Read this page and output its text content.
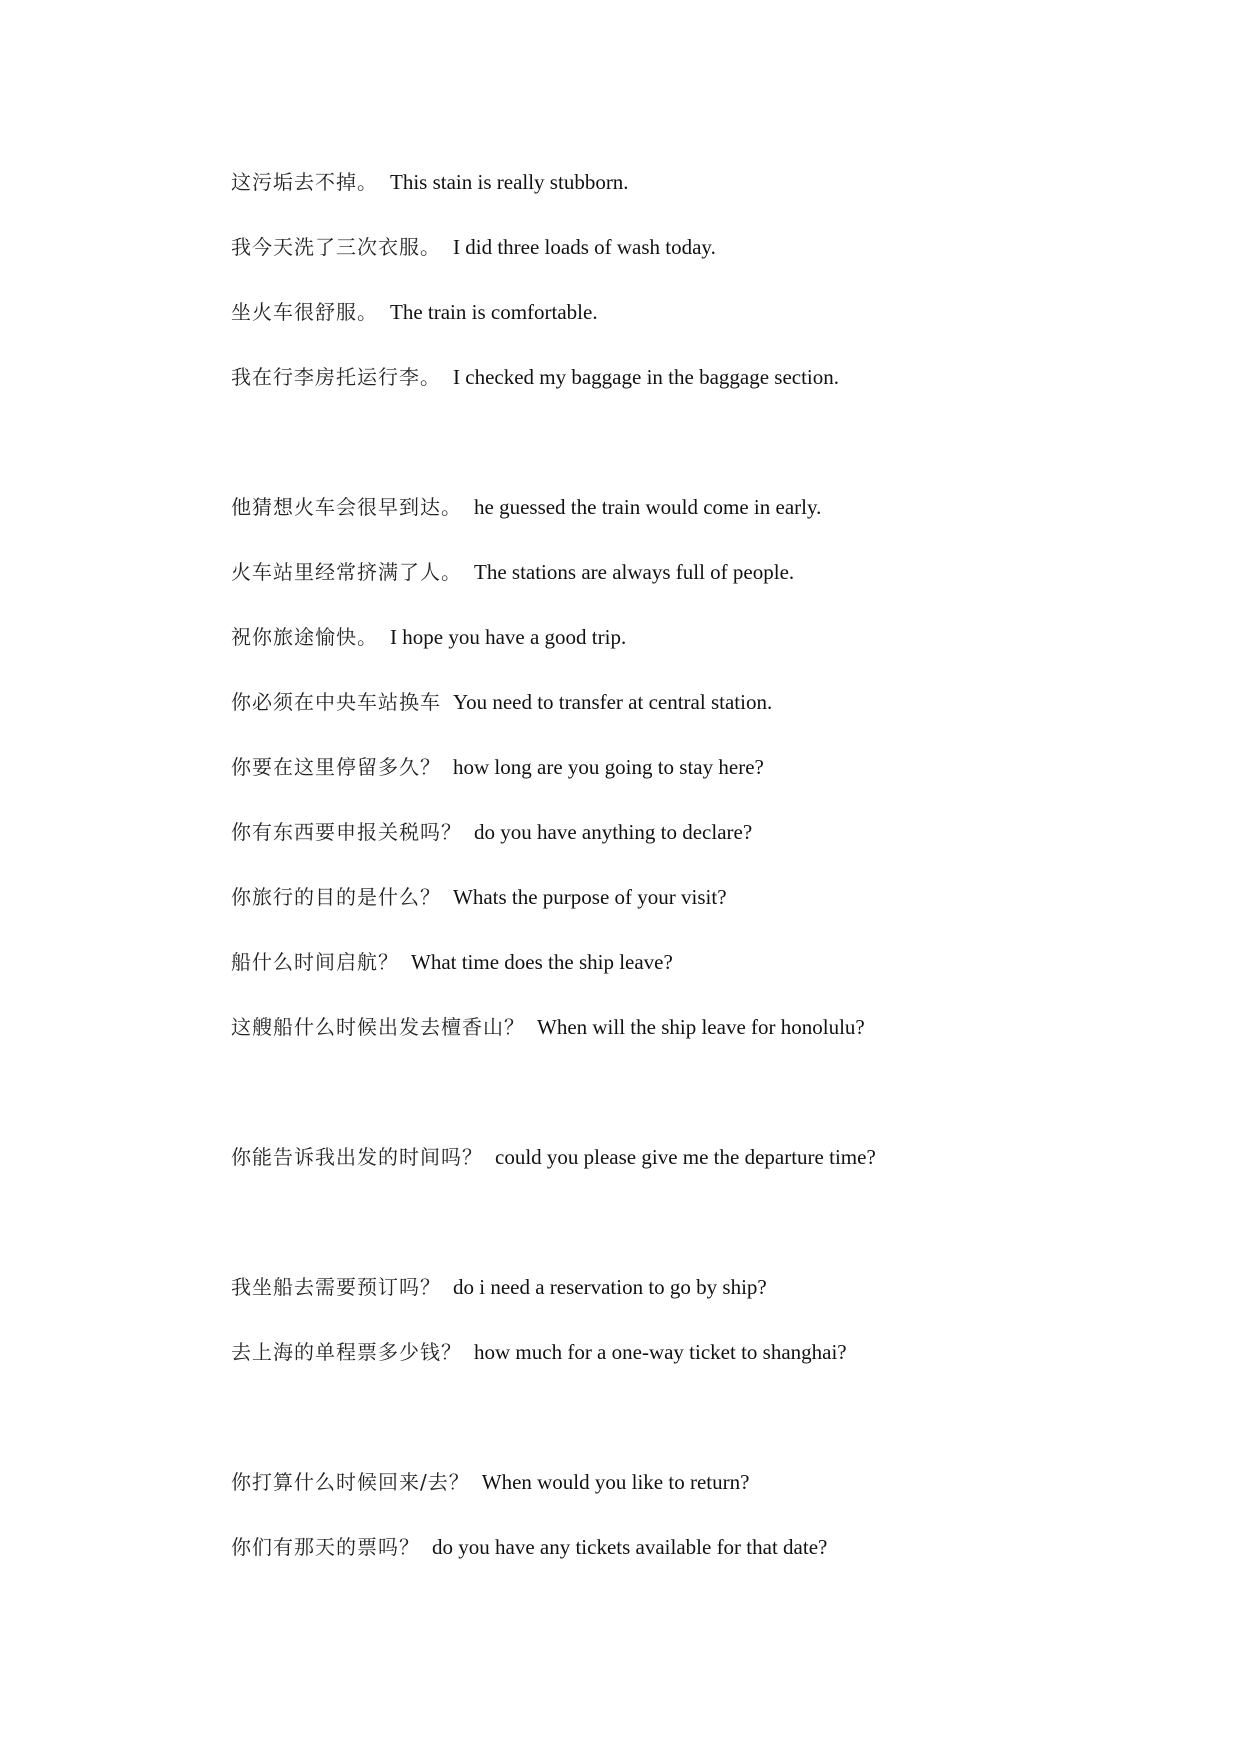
这污垢去不掉。 This stain is really stubborn.
我今天洗了三次衣服。 I did three loads of wash today.
坐火车很舒服。 The train is comfortable.
我在行李房托运行李。 I checked my baggage in the baggage section.
他猜想火车会很早到达。 he guessed the train would come in early.
火车站里经常挤满了人。 The stations are always full of people.
祝你旅途愉快。 I hope you have a good trip.
你必须在中央车站换车 You need to transfer at central station.
你要在这里停留多久？ how long are you going to stay here?
你有东西要申报关税吗？ do you have anything to declare?
你旅行的目的是什么？ Whats the purpose of your visit?
船什么时间启航？ What time does the ship leave?
这艘船什么时候出发去檀香山？ When will the ship leave for honolulu?
你能告诉我出发的时间吗？ could you please give me the departure time?
我坐船去需要预订吗？ do i need a reservation to go by ship?
去上海的单程票多少钱？ how much for a one-way ticket to shanghai?
你打算什么时候回来/去？ When would you like to return?
你们有那天的票吗？ do you have any tickets available for that date?
